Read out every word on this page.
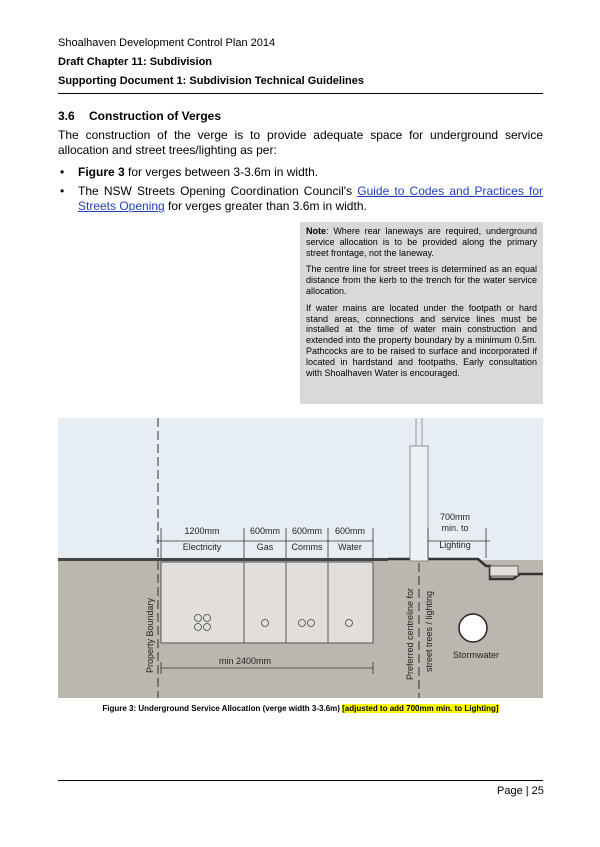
Shoalhaven Development Control Plan 2014
Draft Chapter 11: Subdivision
Supporting Document 1: Subdivision Technical Guidelines
3.6 Construction of Verges
The construction of the verge is to provide adequate space for underground service allocation and street trees/lighting as per:
• Figure 3 for verges between 3-3.6m in width.
• The NSW Streets Opening Coordination Council's Guide to Codes and Practices for Streets Opening for verges greater than 3.6m in width.

Note: Where rear laneways are required, underground service allocation is to be provided along the primary street frontage, not the laneway.

The centre line for street trees is determined as an equal distance from the kerb to the trench for the water service allocation.

If water mains are located under the footpath or hard stand areas, connections and service lines must be installed at the time of water main construction and extended into the property boundary by a minimum 0.5m. Pathcocks are to be raised to surface and incorporated if located in hardstand and footpaths. Early consultation with Shoalhaven Water is encouraged.

1200mm
Electricity
600mm
Gas
600mm
Comms
600mm
Water
700mm
min. to
Lighting
Stormwater
Property Boundary	Preferred centreline for street trees / lighting
min 2400mm
Figure 3: Underground Service Allocation (verge width 3-3.6m) [adjusted to add 700mm min. to Lighting]
Page | 25
